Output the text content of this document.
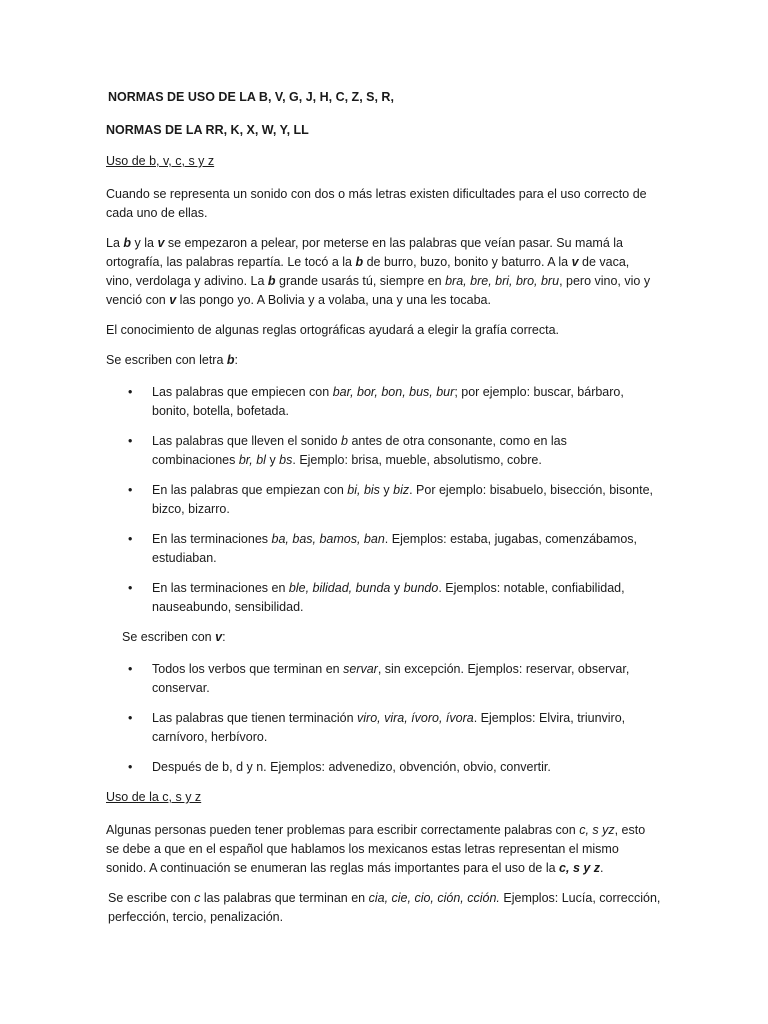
NORMAS DE USO DE LA B, V, G, J, H, C, Z, S, R,

NORMAS DE LA RR, K, X, W, Y, LL

Uso de b, v, c, s y z

Cuando se representa un sonido con dos o más letras existen dificultades para el uso correcto de
cada uno de ellas.

La b y la v se empezaron a pelear, por meterse en las palabras que veían pasar. Su mamá la
ortografía, las palabras repartía. Le tocó a la b de burro, buzo, bonito y baturro. A la v de vaca,
vino, verdolaga y adivino. La b grande usarás tú, siempre en bra, bre, bri, bro, bru, pero vino, vio y
venció con v las pongo yo. A Bolivia y a volaba, una y una les tocaba.

El conocimiento de algunas reglas ortográficas ayudará a elegir la grafía correcta.

Se escriben con letra b:

• Las palabras que empiecen con bar, bor, bon, bus, bur; por ejemplo: buscar, bárbaro,
bonito, botella, bofetada.
• Las palabras que lleven el sonido b antes de otra consonante, como en las
combinaciones br, bl y bs. Ejemplo: brisa, mueble, absolutismo, cobre.
• En las palabras que empiezan con bi, bis y biz. Por ejemplo: bisabuelo, bisección, bisonte,
bizco, bizarro.
• En las terminaciones ba, bas, bamos, ban. Ejemplos: estaba, jugabas, comenzábamos,
estudiaban.
• En las terminaciones en ble, bilidad, bunda y bundo. Ejemplos: notable, confiabilidad,
nauseabundo, sensibilidad.

Se escriben con v:

• Todos los verbos que terminan en servar, sin excepción. Ejemplos: reservar, observar,
conservar.
• Las palabras que tienen terminación viro, vira, ívoro, ívora. Ejemplos: Elvira, triunviro,
carnívoro, herbívoro.
• Después de b, d y n. Ejemplos: advenedizo, obvención, obvio, convertir.

Uso de la c, s y z

Algunas personas pueden tener problemas para escribir correctamente palabras con c, s yz, esto
se debe a que en el español que hablamos los mexicanos estas letras representan el mismo
sonido. A continuación se enumeran las reglas más importantes para el uso de la c, s y z.

Se escribe con c las palabras que terminan en cia, cie, cio, ción, cción. Ejemplos: Lucía, corrección,
perfección, tercio, penalización.
